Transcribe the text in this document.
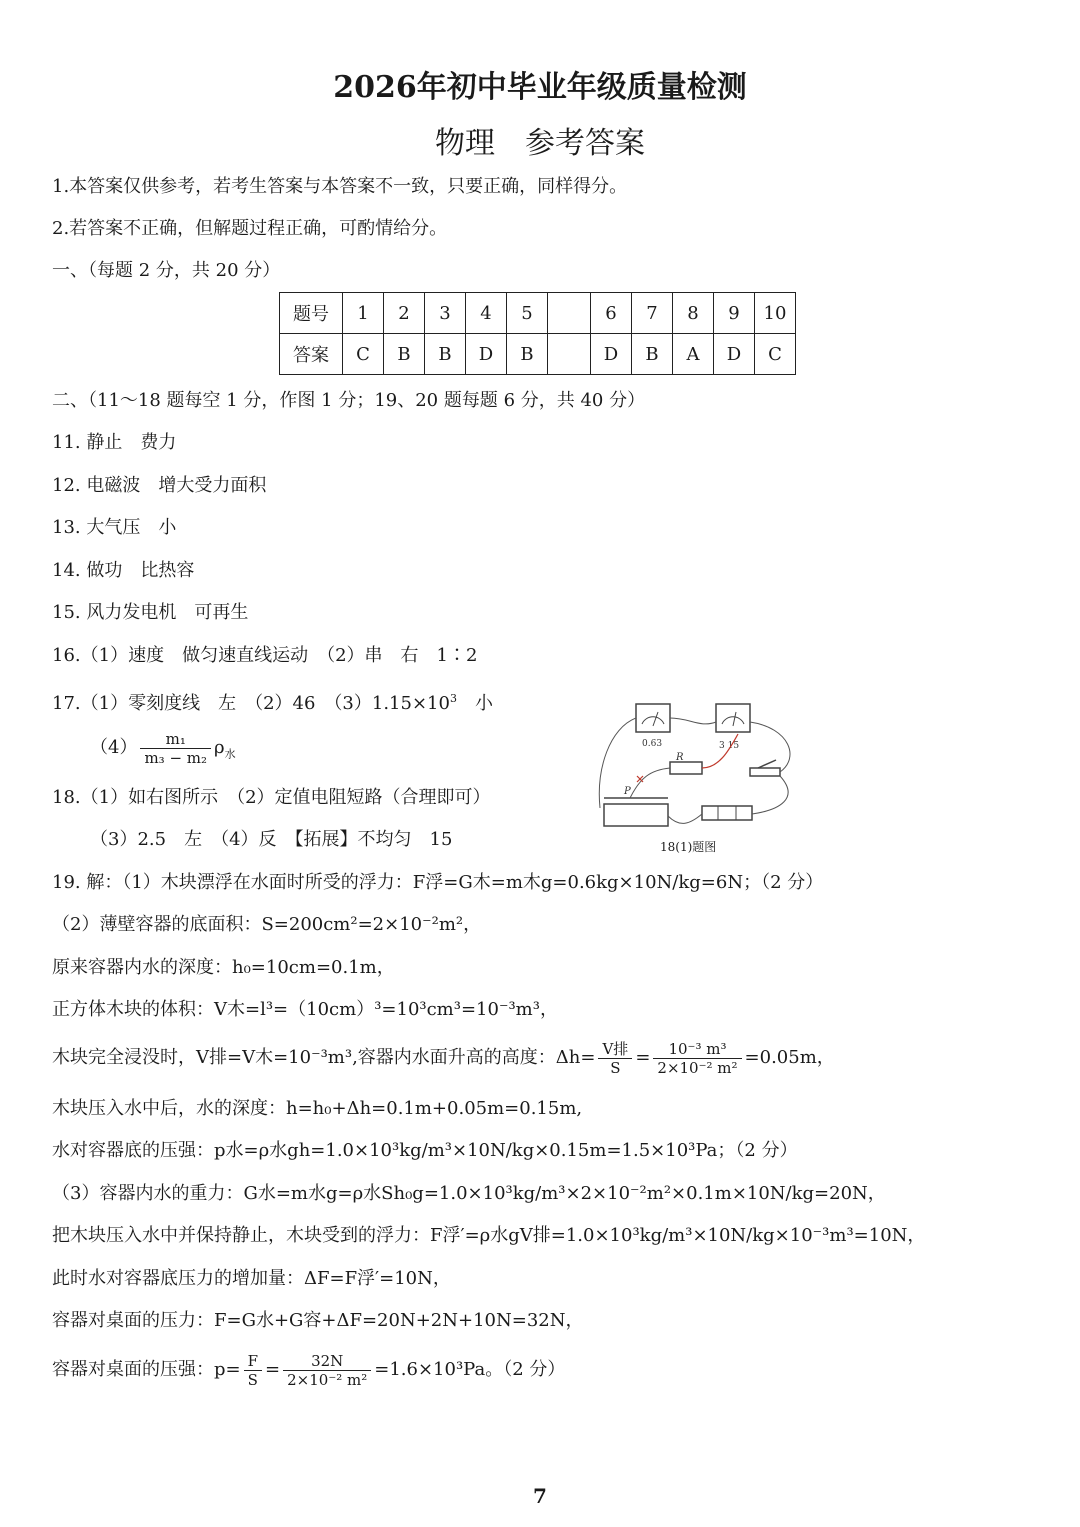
2026年初中毕业年级质量检测
物理　参考答案
1.本答案仅供参考，若考生答案与本答案不一致，只要正确，同样得分。
2.若答案不正确，但解题过程正确，可酌情给分。
一、（每题 2 分，共 20 分）
题号	1	2	3	4	5		6	7	8	9	10
答案	C	B	B	D	B		D	B	A	D	C
二、（11～18 题每空 1 分，作图 1 分；19、20 题每题 6 分，共 40 分）
11. 静止　费力
12. 电磁波　增大受力面积
13. 大气压　小
14. 做功　比热容
15. 风力发电机　可再生
16.（1）速度　做匀速直线运动　（2）串　右　1∶2
17.（1）零刻度线　左　（2）46　$(3)1.15\times 10^3$　小
$(4) \frac{\text{m₁}}{\text{m₃ − m₂}} \rho_水$
18.（1）如右图所示　（2）定值电阻短路（合理即可）
（3）2.5　左　（4）反　【拓展】不均匀　15
0.63	3 15
R
P
18(1)题图
19. 解：（1）木块漂浮在水面时所受的浮力：F浮=G木=m木g=0.6kg×10N/kg=6N；（2 分）
（2）薄壁容器的底面积：S=200cm²=2×10⁻²m²，
原来容器内水的深度：h₀=10cm=0.1m，
正方体木块的体积：V木=l³=（10cm）³=10³cm³=10⁻³m³，
木块完全浸没时，V排=V木=10⁻³m³,容器内水面升高的高度：$\Delta h= \frac{\text{V排}}{S} = \frac{\text{10⁻³ m³}}{\text{2×10⁻² m²}} =0.05m$，
木块压入水中后，水的深度：h=h₀+Δh=0.1m+0.05m=0.15m,
水对容器底的压强：p水=ρ水gh=1.0×10³kg/m³×10N/kg×0.15m=1.5×10³Pa；（2 分）
（3）容器内水的重力：G水=m水g=ρ水Sh₀g=1.0×10³kg/m³×2×10⁻²m²×0.1m×10N/kg=20N，
把木块压入水中并保持静止，木块受到的浮力：F浮′=ρ水gV排=1.0×10³kg/m³×10N/kg×10⁻³m³=10N，
此时水对容器底压力的增加量：ΔF=F浮′=10N，
容器对桌面的压力：F=G水+G容+ΔF=20N+2N+10N=32N，
容器对桌面的压强：$p= \frac{F}{S} = \frac{32N}{\text{2×10⁻² m²}} =1.6\times 10^3Pa$。（2 分）
7
